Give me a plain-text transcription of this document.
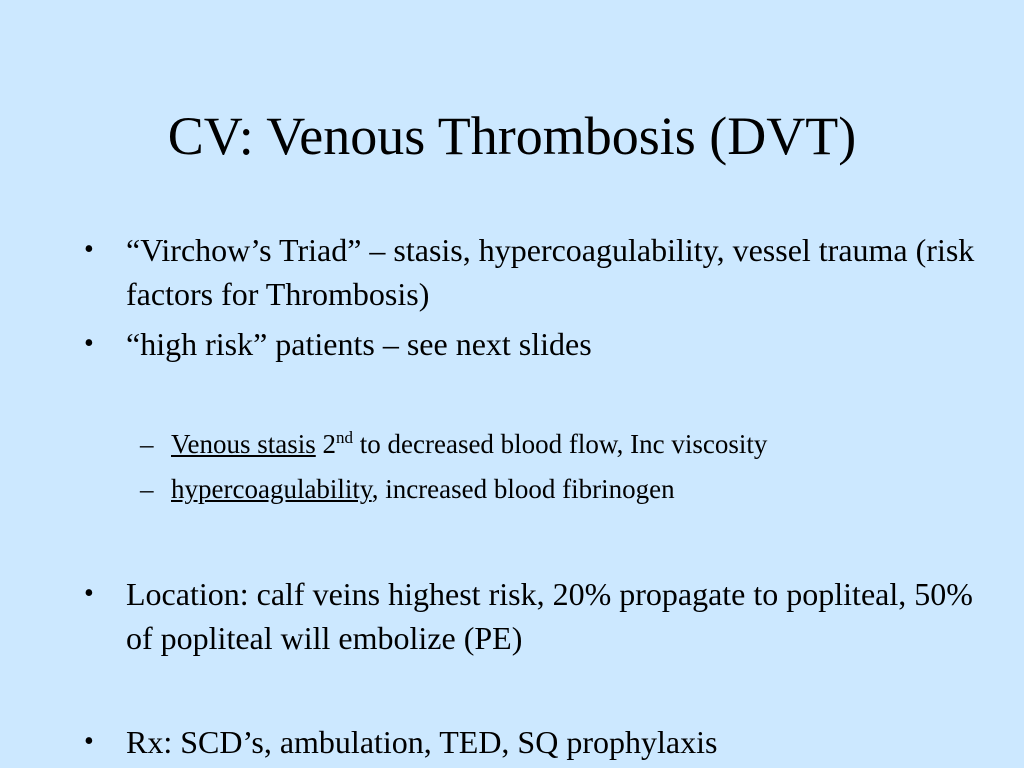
CV: Venous Thrombosis (DVT)
•	“Virchow’s Triad” – stasis, hypercoagulability, vessel trauma (risk factors for Thrombosis)
•	“high risk” patients – see next slides
– Venous stasis 2nd to decreased blood flow, Inc viscosity
– hypercoagulability, increased blood fibrinogen
•	Location: calf veins highest risk, 20% propagate to popliteal, 50% of popliteal will embolize (PE)
•	Rx: SCD’s, ambulation, TED, SQ prophylaxis
